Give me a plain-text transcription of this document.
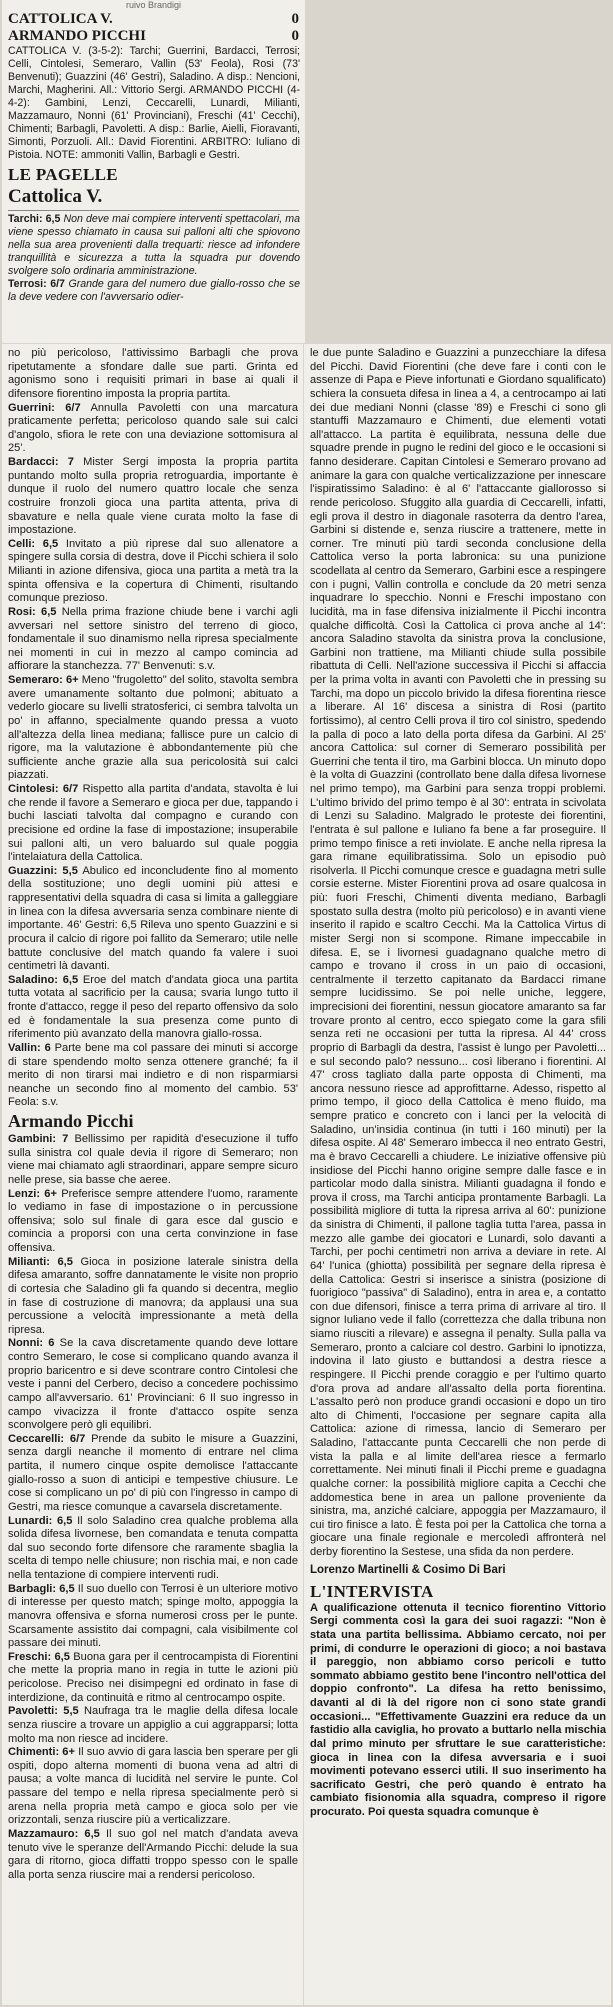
ruivo Brandigi
CATTOLICA V.	0
ARMANDO PICCHI	0

CATTOLICA V. (3-5-2): Tarchi; Guerrini, Bardacci, Terrosi; Celli, Cintolesi, Semeraro, Vallin (53' Feola), Rosi (73' Benvenuti); Guazzini (46' Gestri), Saladino. A disp.: Nencioni, Marchi, Magherini. All.: Vittorio Sergi. ARMANDO PICCHI (4-4-2): Gambini, Lenzi, Ceccarelli, Lunardi, Milianti, Mazzamauro, Nonni (61' Provinciani), Freschi (41' Cecchi), Chimenti; Barbagli, Pavoletti. A disp.: Barlie, Aielli, Fioravanti, Simonti, Porzuoli. All.: David Fiorentini. ARBITRO: Iuliano di Pistoia. NOTE: ammoniti Vallin, Barbagli e Gestri.

LE PAGELLE
Cattolica V.

Tarchi: 6,5 Non deve mai compiere interventi spettacolari, ma viene spesso chiamato in causa sui palloni alti che spiovono nella sua area provenienti dalla trequarti: riesce ad infondere tranquillità e sicurezza a tutta la squadra pur dovendo svolgere solo ordinaria amministrazione.

Terrosi: 6/7 Grande gara del numero due giallo-rosso che se la deve vedere con l'avversario odier-

no più pericoloso, l'attivissimo Barbagli che prova ripetutamente a sfondare dalle sue parti. Grinta ed agonismo sono i requisiti primari in base ai quali il difensore fiorentino imposta la propria partita.

Guerrini: 6/7 Annulla Pavoletti con una marcatura praticamente perfetta; pericoloso quando sale sui calci d'angolo, sfiora le rete con una deviazione sottomisura al 25'.

Bardacci: 7 Mister Sergi imposta la propria partita puntando molto sulla propria retroguardia, importante è dunque il ruolo del numero quattro locale che senza costruire fronzoli gioca una partita attenta, priva di sbavature e nella quale viene curata molto la fase di impostazione.

Celli: 6,5 Invitato a più riprese dal suo allenatore a spingere sulla corsia di destra, dove il Picchi schiera il solo Milianti in azione difensiva, gioca una partita a metà tra la spinta offensiva e la copertura di Chimenti, risultando comunque prezioso.

Rosi: 6,5 Nella prima frazione chiude bene i varchi agli avversari nel settore sinistro del terreno di gioco, fondamentale il suo dinamismo nella ripresa specialmente nei momenti in cui in mezzo al campo comincia ad affiorare la stanchezza. 77' Benvenuti: s.v.

Semeraro: 6+ Meno "frugoletto" del solito, stavolta sembra avere umanamente soltanto due polmoni; abituato a vederlo giocare su livelli stratosferici, ci sembra talvolta un po' in affanno, specialmente quando pressa a vuoto all'altezza della linea mediana; fallisce pure un calcio di rigore, ma la valutazione è abbondantemente più che sufficiente anche grazie alla sua pericolosità sui calci piazzati.

Cintolesi: 6/7 Rispetto alla partita d'andata, stavolta è lui che rende il favore a Semeraro e gioca per due, tappando i buchi lasciati talvolta dal compagno e curando con precisione ed ordine la fase di impostazione; insuperabile sui palloni alti, un vero baluardo sul quale poggia l'intelaiatura della Cattolica.

Guazzini: 5,5 Abulico ed inconcludente fino al momento della sostituzione; uno degli uomini più attesi e rappresentativi della squadra di casa si limita a galleggiare in linea con la difesa avversaria senza combinare niente di importante. 46' Gestri: 6,5 Rileva uno spento Guazzini e si procura il calcio di rigore poi fallito da Semeraro; utile nelle battute conclusive del match quando fa valere i suoi centimetri là davanti.

Saladino: 6,5 Eroe del match d'andata gioca una partita tutta votata al sacrificio per la causa; svaria lungo tutto il fronte d'attacco, regge il peso del reparto offensivo da solo ed è fondamentale la sua presenza come punto di riferimento più avanzato della manovra giallo-rossa.

Vallin: 6 Parte bene ma col passare dei minuti si accorge di stare spendendo molto senza ottenere granché; fa il merito di non tirarsi mai indietro e di non risparmiarsi neanche un secondo fino al momento del cambio. 53' Feola: s.v.

Armando Picchi

Gambini: 7 Bellissimo per rapidità d'esecuzione il tuffo sulla sinistra col quale devia il rigore di Semeraro; non viene mai chiamato agli straordinari, appare sempre sicuro nelle prese, sia basse che aeree.

Lenzi: 6+ Preferisce sempre attendere l'uomo, raramente lo vediamo in fase di impostazione o in percussione offensiva; solo sul finale di gara esce dal guscio e comincia a proporsi con una certa convinzione in fase offensiva.

Milianti: 6,5 Gioca in posizione laterale sinistra della difesa amaranto, soffre dannatamente le visite non proprio di cortesia che Saladino gli fa quando si decentra, meglio in fase di costruzione di manovra; da applausi una sua percussione a velocità impressionante a metà della ripresa.

Nonni: 6 Se la cava discretamente quando deve lottare contro Semeraro, le cose si complicano quando avanza il proprio baricentro e si deve scontrare contro Cintolesi che veste i panni del Cerbero, deciso a concedere pochissimo campo all'avversario. 61' Provinciani: 6 Il suo ingresso in campo vivacizza il fronte d'attacco ospite senza sconvolgere però gli equilibri.

Ceccarelli: 6/7 Prende da subito le misure a Guazzini, senza dargli neanche il momento di entrare nel clima partita, il numero cinque ospite demolisce l'attaccante giallo-rosso a suon di anticipi e tempestive chiusure. Le cose si complicano un po' di più con l'ingresso in campo di Gestri, ma riesce comunque a cavarsela discretamente.

Lunardi: 6,5 Il solo Saladino crea qualche problema alla solida difesa livornese, ben comandata e tenuta compatta dal suo secondo forte difensore che raramente sbaglia la scelta di tempo nelle chiusure; non rischia mai, e non cade nella tentazione di compiere interventi rudi.

Barbagli: 6,5 Il suo duello con Terrosi è un ulteriore motivo di interesse per questo match; spinge molto, appoggia la manovra offensiva e sforna numerosi cross per le punte. Scarsamente assistito dai compagni, cala visibilmente col passare dei minuti.

Freschi: 6,5 Buona gara per il centrocampista di Fiorentini che mette la propria mano in regia in tutte le azioni più pericolose. Preciso nei disimpegni ed ordinato in fase di interdizione, da continuità e ritmo al centrocampo ospite.

Pavoletti: 5,5 Naufraga tra le maglie della difesa locale senza riuscire a trovare un appiglio a cui aggrapparsi; lotta molto ma non riesce ad incidere.

Chimenti: 6+ Il suo avvio di gara lascia ben sperare per gli ospiti, dopo alterna momenti di buona vena ad altri di pausa; a volte manca di lucidità nel servire le punte. Col passare del tempo e nella ripresa specialmente però si arena nella propria metà campo e gioca solo per vie orizzontali, senza riuscire più a verticalizzare.

Mazzamauro: 6,5 Il suo gol nel match d'andata aveva tenuto vive le speranze dell'Armando Picchi: delude la sua gara di ritorno, gioca diffatti troppo spesso con le spalle alla porta senza riuscire mai a rendersi pericoloso.

le due punte Saladino e Guazzini a punzecchiare la difesa del Picchi. David Fiorentini (che deve fare i conti con le assenze di Papa e Pieve infortunati e Giordano squalificato) schiera la consueta difesa in linea a 4, a centrocampo ai lati dei due mediani Nonni (classe '89) e Freschi ci sono gli stantuffi Mazzamauro e Chimenti, due elementi votati all'attacco. La partita è equilibrata, nessuna delle due squadre prende in pugno le redini del gioco e le occasioni si fanno desiderare. Capitan Cintolesi e Semeraro provano ad animare la gara con qualche verticalizzazione per innescare l'ispiratissimo Saladino: è al 6' l'attaccante giallorosso si rende pericoloso. Sfuggito alla guardia di Ceccarelli, infatti, egli prova il destro in diagonale rasoterra da dentro l'area, Garbini si distende e, senza riuscire a trattenere, mette in corner. Tre minuti più tardi seconda conclusione della Cattolica verso la porta labronica: su una punizione scodellata al centro da Semeraro, Garbini esce a respingere con i pugni, Vallin controlla e conclude da 20 metri senza inquadrare lo specchio. Nonni e Freschi impostano con lucidità, ma in fase difensiva inizialmente il Picchi incontra qualche difficoltà. Così la Cattolica ci prova anche al 14': ancora Saladino stavolta da sinistra prova la conclusione, Garbini non trattiene, ma Milianti chiude sulla possibile ribattuta di Celli. Nell'azione successiva il Picchi si affaccia per la prima volta in avanti con Pavoletti che in pressing su Tarchi, ma dopo un piccolo brivido la difesa fiorentina riesce a liberare. Al 16' discesa a sinistra di Rosi (partito fortissimo), al centro Celli prova il tiro col sinistro, spedendo la palla di poco a lato della porta difesa da Garbini. Al 25' ancora Cattolica: sul corner di Semeraro possibilità per Guerrini che tenta il tiro, ma Garbini blocca. Un minuto dopo è la volta di Guazzini (controllato bene dalla difesa livornese nel primo tempo), ma Garbini para senza troppi problemi. L'ultimo brivido del primo tempo è al 30': entrata in scivolata di Lenzi su Saladino. Malgrado le proteste dei fiorentini, l'entrata è sul pallone e Iuliano fa bene a far proseguire. Il primo tempo finisce a reti inviolate. E anche nella ripresa la gara rimane equilibratissima. Solo un episodio può risolverla. Il Picchi comunque cresce e guadagna metri sulle corsie esterne. Mister Fiorentini prova ad osare qualcosa in più: fuori Freschi, Chimenti diventa mediano, Barbagli spostato sulla destra (molto più pericoloso) e in avanti viene inserito il rapido e scaltro Cecchi. Ma la Cattolica Virtus di mister Sergi non si scompone. Rimane impeccabile in difesa. E, se i livornesi guadagnano qualche metro di campo e trovano il cross in un paio di occasioni, centralmente il terzetto capitanato da Bardacci rimane sempre lucidissimo. Se poi nelle uniche, leggere, imprecisioni dei fiorentini, nessun giocatore amaranto sa far trovare pronto al centro, ecco spiegato come la gara sfili senza reti ne occasioni per tutta la ripresa. Al 44' cross proprio di Barbagli da destra, l'assist è lungo per Pavoletti... e sul secondo palo? nessuno... così liberano i fiorentini. Al 47' cross tagliato dalla parte opposta di Chimenti, ma ancora nessuno riesce ad approfittarne. Adesso, rispetto al primo tempo, il gioco della Cattolica è meno fluido, ma sempre pratico e concreto con i lanci per la velocità di Saladino, un'insidia continua (in tutti i 160 minuti) per la difesa ospite. Al 48' Semeraro imbecca il neo entrato Gestri, ma è bravo Ceccarelli a chiudere. Le iniziative offensive più insidiose del Picchi hanno origine sempre dalle fasce e in particolar modo dalla sinistra. Milianti guadagna il fondo e prova il cross, ma Tarchi anticipa prontamente Barbagli. La possibilità migliore di tutta la ripresa arriva al 60': punizione da sinistra di Chimenti, il pallone taglia tutta l'area, passa in mezzo alle gambe dei giocatori e Lunardi, solo davanti a Tarchi, per pochi centimetri non arriva a deviare in rete. Al 64' l'unica (ghiotta) possibilità per segnare della ripresa è della Cattolica: Gestri si inserisce a sinistra (posizione di fuorigioco "passiva" di Saladino), entra in area e, a contatto con due difensori, finisce a terra prima di arrivare al tiro. Il signor Iuliano vede il fallo (correttezza che dalla tribuna non siamo riusciti a rilevare) e assegna il penalty. Sulla palla va Semeraro, pronto a calciare col destro. Garbini lo ipnotizza, indovina il lato giusto e buttandosi a destra riesce a respingere. Il Picchi prende coraggio e per l'ultimo quarto d'ora prova ad andare all'assalto della porta fiorentina. L'assalto però non produce grandi occasioni e dopo un tiro alto di Chimenti, l'occasione per segnare capita alla Cattolica: azione di rimessa, lancio di Semeraro per Saladino, l'attaccante punta Ceccarelli che non perde di vista la palla e al limite dell'area riesce a fermarlo correttamente. Nei minuti finali il Picchi preme e guadagna qualche corner: la possibilità migliore capita a Cecchi che addomestica bene in area un pallone proveniente da sinistra, ma, anziché calciare, appoggia per Mazzamauro, il cui tiro finisce a lato. È festa poi per la Cattolica che torna a giocare una finale regionale e mercoledì affronterà nel derby fiorentino la Sestese, una sfida da non perdere.

Lorenzo Martinelli & Cosimo Di Bari
L'INTERVISTA

A qualificazione ottenuta il tecnico fiorentino Vittorio Sergi commenta così la gara dei suoi ragazzi: "Non è stata una partita bellissima. Abbiamo cercato, noi per primi, di condurre le operazioni di gioco; a noi bastava il pareggio, non abbiamo corso pericoli e tutto sommato abbiamo gestito bene l'incontro nell'ottica del doppio confronto". La difesa ha retto benissimo, davanti al di là del rigore non ci sono state grandi occasioni... "Effettivamente Guazzini era reduce da un fastidio alla caviglia, ho provato a buttarlo nella mischia dal primo minuto per sfruttare le sue caratteristiche: gioca in linea con la difesa avversaria e i suoi movimenti potevano esserci utili. Il suo inserimento ha sacrificato Gestri, che però quando è entrato ha cambiato fisionomia alla squadra, compreso il rigore procurato. Poi questa squadra comunque è
